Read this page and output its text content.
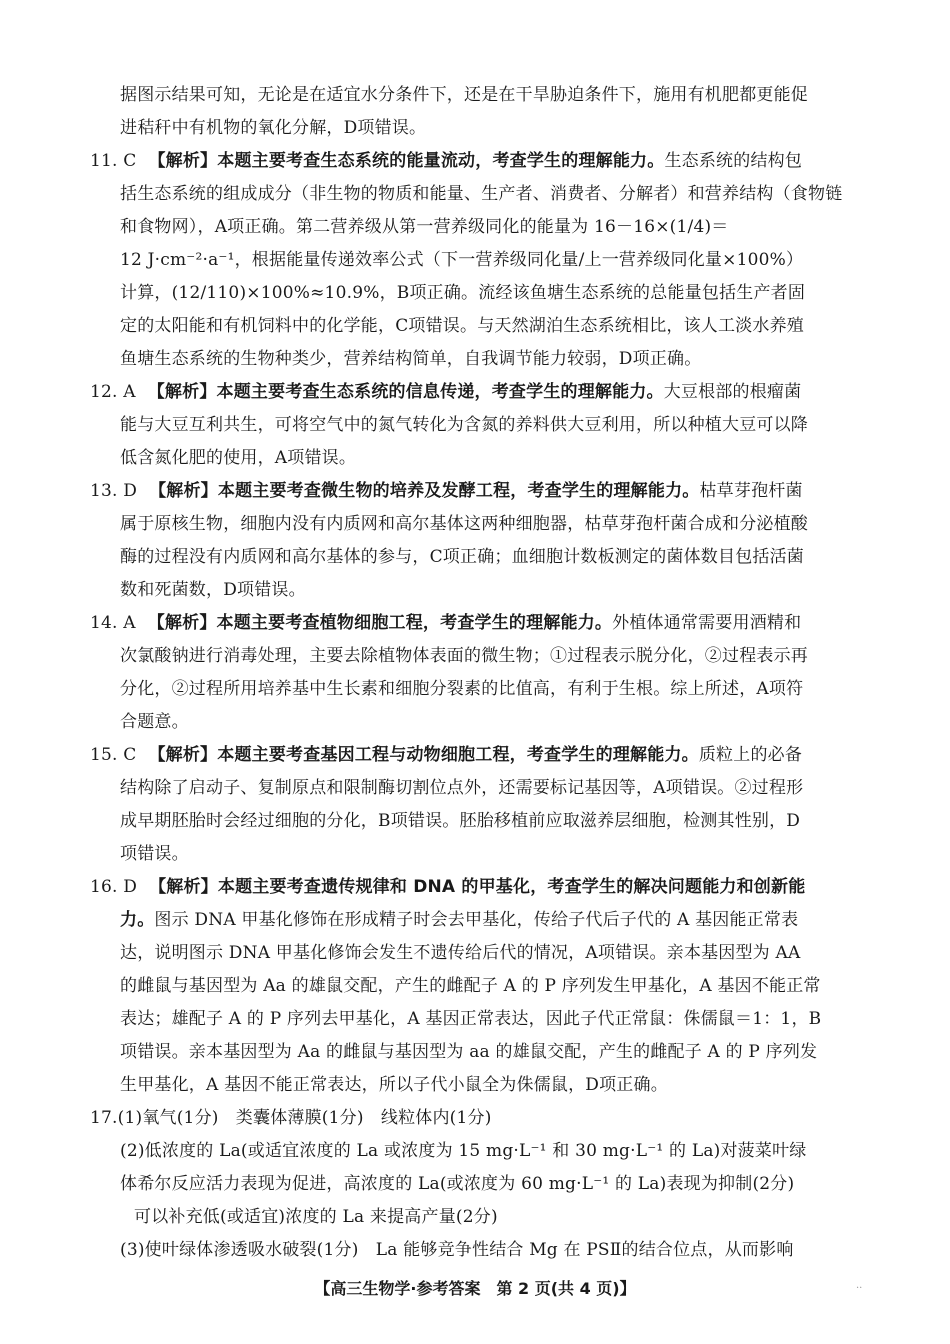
据图示结果可知，无论是在适宜水分条件下，还是在干旱胁迫条件下，施用有机肥都更能促
进秸秆中有机物的氧化分解，D项错误。
11. C 【解析】本题主要考查生态系统的能量流动，考查学生的理解能力。生态系统的结构包
括生态系统的组成成分（非生物的物质和能量、生产者、消费者、分解者）和营养结构（食物链
和食物网），A项正确。第二营养级从第一营养级同化的能量为 16－16×(1/4)＝
12 J·cm⁻²·a⁻¹，根据能量传递效率公式（下一营养级同化量/上一营养级同化量×100%）
计算，(12/110)×100%≈10.9%，B项正确。流经该鱼塘生态系统的总能量包括生产者固
定的太阳能和有机饲料中的化学能，C项错误。与天然湖泊生态系统相比，该人工淡水养殖
鱼塘生态系统的生物种类少，营养结构简单，自我调节能力较弱，D项正确。
12. A 【解析】本题主要考查生态系统的信息传递，考查学生的理解能力。大豆根部的根瘤菌
能与大豆互利共生，可将空气中的氮气转化为含氮的养料供大豆利用，所以种植大豆可以降
低含氮化肥的使用，A项错误。
13. D 【解析】本题主要考查微生物的培养及发酵工程，考查学生的理解能力。枯草芽孢杆菌
属于原核生物，细胞内没有内质网和高尔基体这两种细胞器，枯草芽孢杆菌合成和分泌植酸
酶的过程没有内质网和高尔基体的参与，C项正确；血细胞计数板测定的菌体数目包括活菌
数和死菌数，D项错误。
14. A 【解析】本题主要考查植物细胞工程，考查学生的理解能力。外植体通常需要用酒精和
次氯酸钠进行消毒处理，主要去除植物体表面的微生物；①过程表示脱分化，②过程表示再
分化，②过程所用培养基中生长素和细胞分裂素的比值高，有利于生根。综上所述，A项符
合题意。
15. C 【解析】本题主要考查基因工程与动物细胞工程，考查学生的理解能力。质粒上的必备
结构除了启动子、复制原点和限制酶切割位点外，还需要标记基因等，A项错误。②过程形
成早期胚胎时会经过细胞的分化，B项错误。胚胎移植前应取滋养层细胞，检测其性别，D
项错误。
16. D 【解析】本题主要考查遗传规律和 DNA 的甲基化，考查学生的解决问题能力和创新能
力。图示 DNA 甲基化修饰在形成精子时会去甲基化，传给子代后子代的 A 基因能正常表
达，说明图示 DNA 甲基化修饰会发生不遗传给后代的情况，A项错误。亲本基因型为 AA
的雌鼠与基因型为 Aa 的雄鼠交配，产生的雌配子 A 的 P 序列发生甲基化，A 基因不能正常
表达；雄配子 A 的 P 序列去甲基化，A 基因正常表达，因此子代正常鼠：侏儒鼠＝1：1，B
项错误。亲本基因型为 Aa 的雌鼠与基因型为 aa 的雄鼠交配，产生的雌配子 A 的 P 序列发
生甲基化，A 基因不能正常表达，所以子代小鼠全为侏儒鼠，D项正确。
17.(1)氧气(1分)　类囊体薄膜(1分)　线粒体内(1分)
(2)低浓度的 La(或适宜浓度的 La 或浓度为 15 mg·L⁻¹ 和 30 mg·L⁻¹ 的 La)对菠菜叶绿
体希尔反应活力表现为促进，高浓度的 La(或浓度为 60 mg·L⁻¹ 的 La)表现为抑制(2分)
可以补充低(或适宜)浓度的 La 来提高产量(2分)
(3)使叶绿体渗透吸水破裂(1分)　La 能够竞争性结合 Mg 在 PSⅡ的结合位点，从而影响
【高三生物学·参考答案　第 2 页(共 4 页)】	..
